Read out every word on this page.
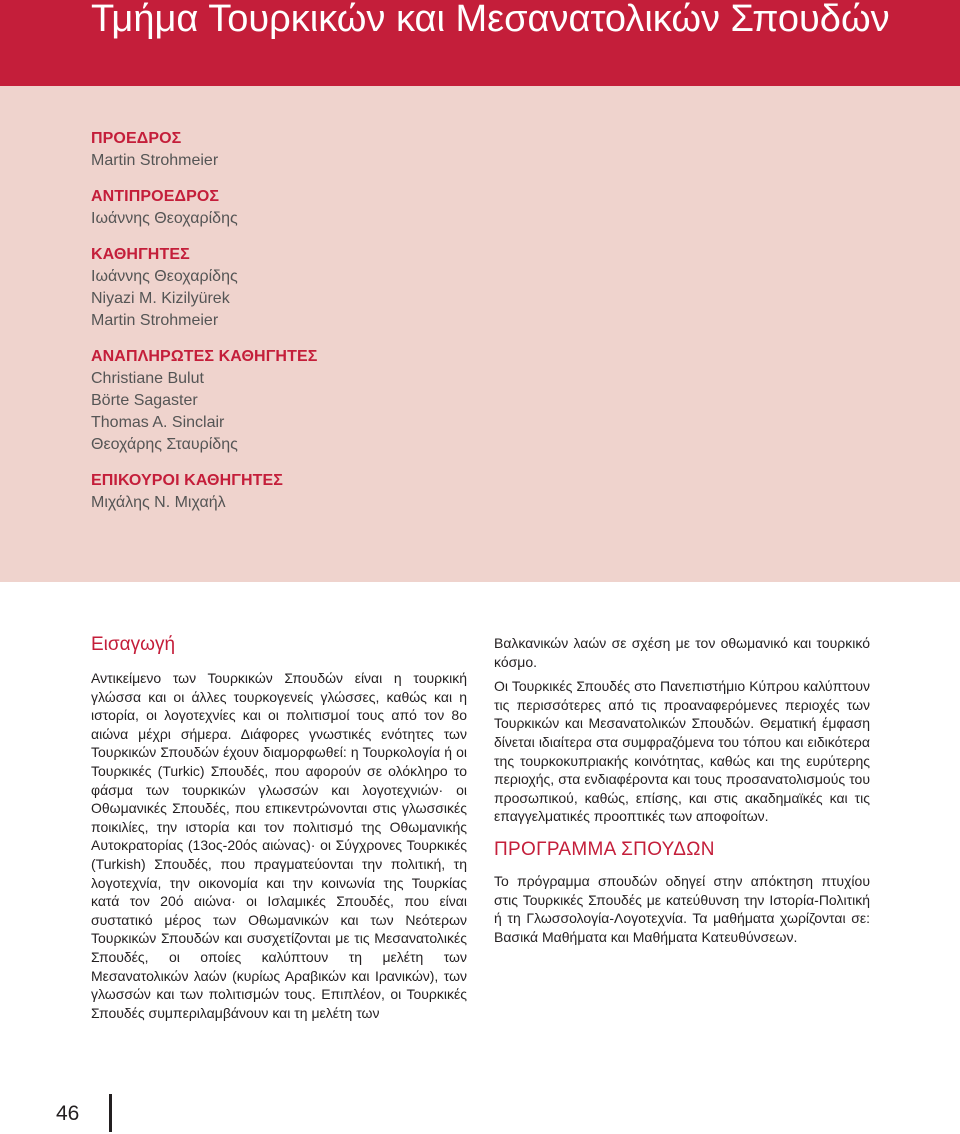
Τμήμα Τουρκικών και Μεσανατολικών Σπουδών

ΠΡΟΕΔΡΟΣ

Martin Strohmeier

ΑΝΤΙΠΡΟΕΔΡΟΣ

Ιωάννης Θεοχαρίδης

ΚΑΘΗΓΗΤΕΣ

Ιωάννης Θεοχαρίδης

Niyazi M. Kizilyürek

Martin Strohmeier

ΑΝΑΠΛΗΡΩΤΕΣ ΚΑΘΗΓΗΤΕΣ

Christiane Bulut

Börte Sagaster

Thomas A. Sinclair

Θεοχάρης Σταυρίδης

ΕΠΙΚΟΥΡΟΙ ΚΑΘΗΓΗΤΕΣ

Μιχάλης Ν. Μιχαήλ

Εισαγωγή

Αντικείμενο των Τουρκικών Σπουδών είναι η τουρκική γλώσσα και οι άλλες τουρκογενείς γλώσσες, καθώς και η ιστορία, οι λογοτεχνίες και οι πολιτισμοί τους από τον 8ο αιώνα μέχρι σήμερα. Διάφορες γνωστικές ενότητες των Τουρκικών Σπουδών έχουν διαμορφωθεί: η Τουρκολογία ή οι Τουρκικές (Turkic) Σπουδές, που αφορούν σε ολόκληρο το φάσμα των τουρκικών γλωσσών και λογοτεχνιών· οι Οθωμανικές Σπουδές, που επικεντρώνονται στις γλωσσικές ποικιλίες, την ιστορία και τον πολιτισμό της Οθωμανικής Αυτοκρατορίας (13ος-20ός αιώνας)· οι Σύγχρονες Τουρκικές (Turkish) Σπουδές, που πραγματεύονται την πολιτική, τη λογοτεχνία, την οικονομία και την κοινωνία της Τουρκίας κατά τον 20ό αιώνα· οι Ισλαμικές Σπουδές, που είναι συστατικό μέρος των Οθωμανικών και των Νεότερων Τουρκικών Σπουδών και συσχετίζονται με τις Μεσανατολικές Σπουδές, οι οποίες καλύπτουν τη μελέτη των Μεσανατολικών λαών (κυρίως Αραβικών και Ιρανικών), των γλωσσών και των πολιτισμών τους. Επιπλέον, οι Τουρκικές Σπουδές συμπεριλαμβάνουν και τη μελέτη των

Βαλκανικών λαών σε σχέση με τον οθωμανικό και τουρκικό κόσμο.

Οι Τουρκικές Σπουδές στο Πανεπιστήμιο Κύπρου καλύπτουν τις περισσότερες από τις προαναφερόμενες περιοχές των Τουρκικών και Μεσανατολικών Σπουδών. Θεματική έμφαση δίνεται ιδιαίτερα στα συμφραζόμενα του τόπου και ειδικότερα της τουρκοκυπριακής κοινότητας, καθώς και της ευρύτερης περιοχής, στα ενδιαφέροντα και τους προσανατολισμούς του προσωπικού, καθώς, επίσης, και στις ακαδημαϊκές και τις επαγγελματικές προοπτικές των αποφοίτων.

ΠΡΟΓΡΑΜΜΑ ΣΠΟΥΔΩΝ

Το πρόγραμμα σπουδών οδηγεί στην απόκτηση πτυχίου στις Τουρκικές Σπουδές με κατεύθυνση την Ιστορία-Πολιτική ή τη Γλωσσολογία-Λογοτεχνία. Τα μαθήματα χωρίζονται σε: Βασικά Μαθήματα και Μαθήματα Κατευθύνσεων.

46
